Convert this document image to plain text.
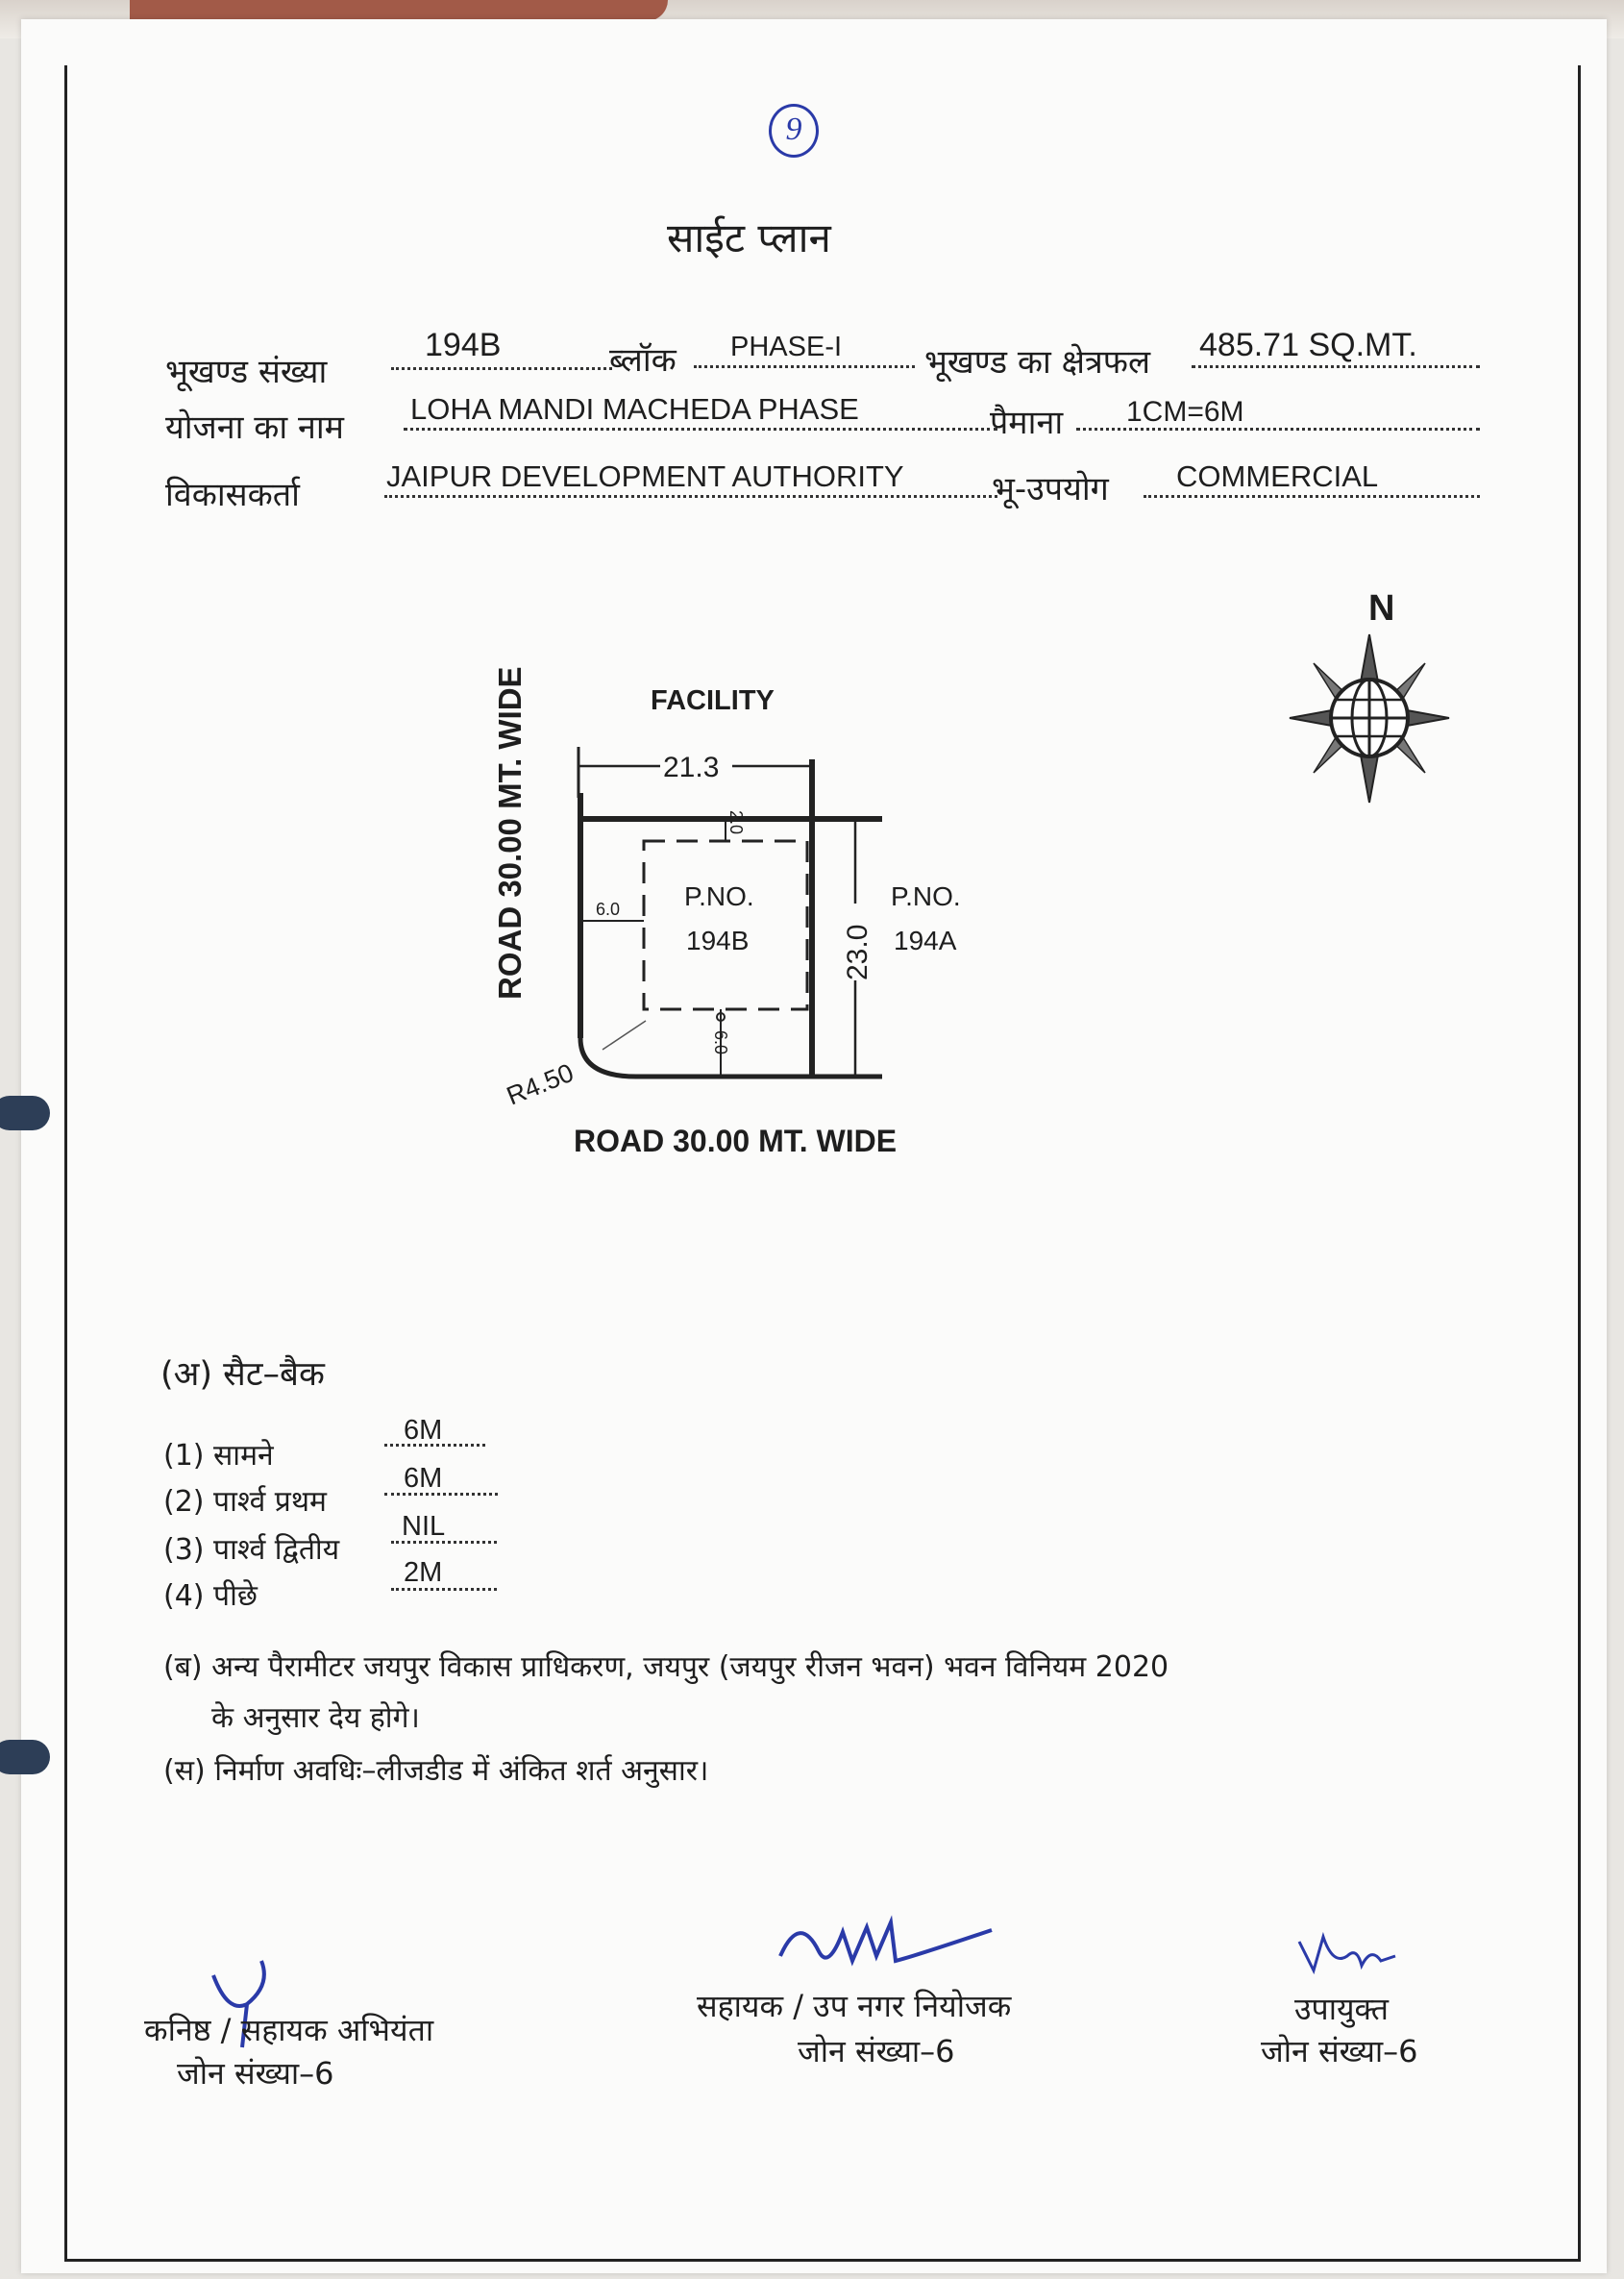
9
साईट प्लान
भूखण्ड संख्या
194B	ब्लॉक PHASE-I	भूखण्ड का क्षेत्रफल 485.71 SQ.MT.
योजना का नाम LOHA MANDI MACHEDA PHASE	पैमाना 1CM=6M
विकासकर्ता	JAIPUR DEVELOPMENT AUTHORITY	भू-उपयोग COMMERCIAL
N
ROAD 30.00 MT. WIDE	FACILITY
21.3
P.NO.
194B
2.0
6.0
6.0
23.0
P.NO.
194A
R4.50
ROAD 30.00 MT. WIDE
(अ) सैट–बैक
(1) सामने
6M
(2) पार्श्व प्रथम
6M
(3) पार्श्व द्वितीय
NIL
(4) पीछे
2M
(ब) अन्य पैरामीटर जयपुर विकास प्राधिकरण, जयपुर (जयपुर रीजन भवन) भवन विनियम 2020
के अनुसार देय होगे।
(स) निर्माण अवधिः–लीजडीड में अंकित शर्त अनुसार।
कनिष्ठ / सहायक अभियंता
जोन संख्या–6
सहायक / उप नगर नियोजक
जोन संख्या–6
उपायुक्त
जोन संख्या–6
